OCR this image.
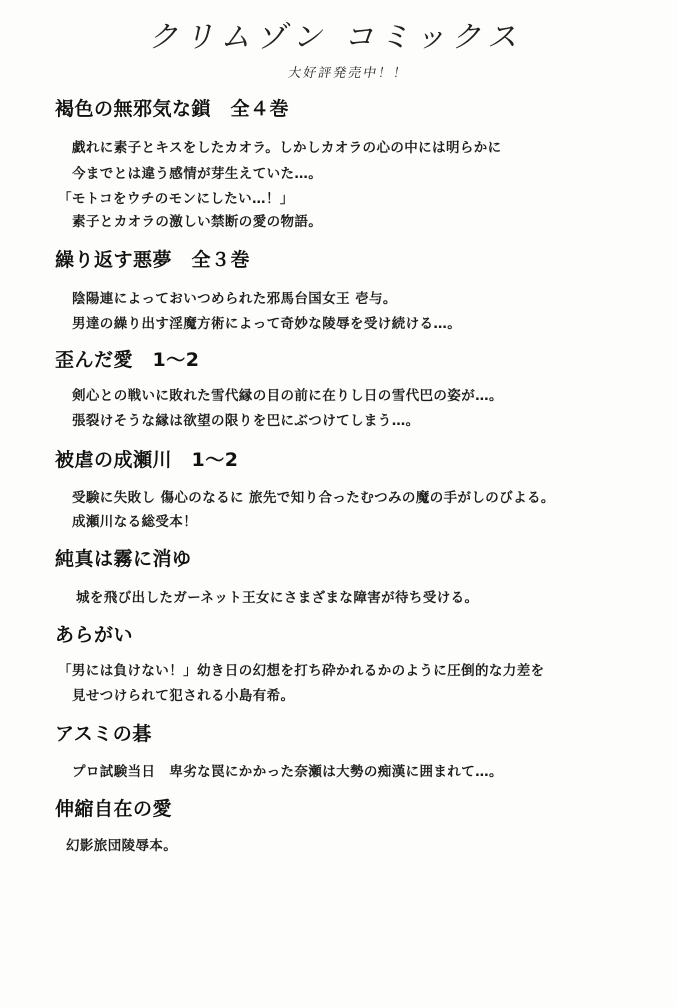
クリムゾン コミックス
大好評発売中！！
褐色の無邪気な鎖　全４巻
戯れに素子とキスをしたカオラ。しかしカオラの心の中には明らかに
今までとは違う感情が芽生えていた…。
「モトコをウチのモンにしたい…！」
素子とカオラの激しい禁断の愛の物語。
繰り返す悪夢　全３巻
陰陽連によっておいつめられた邪馬台国女王 壱与。
男達の繰り出す淫魔方術によって奇妙な陵辱を受け続ける…。
歪んだ愛　1～2
剣心との戦いに敗れた雪代縁の目の前に在りし日の雪代巴の姿が…。
張裂けそうな縁は欲望の限りを巴にぶつけてしまう…。
被虐の成瀬川　1～2
受験に失敗し 傷心のなるに 旅先で知り合ったむつみの魔の手がしのびよる。
成瀬川なる総受本！
純真は霧に消ゆ
城を飛び出したガーネット王女にさまざまな障害が待ち受ける。
あらがい
「男には負けない！」幼き日の幻想を打ち砕かれるかのように圧倒的な力差を
見せつけられて犯される小島有希。
アスミの碁
プロ試験当日　卑劣な罠にかかった奈瀬は大勢の痴漢に囲まれて…。
伸縮自在の愛
幻影旅団陵辱本。
